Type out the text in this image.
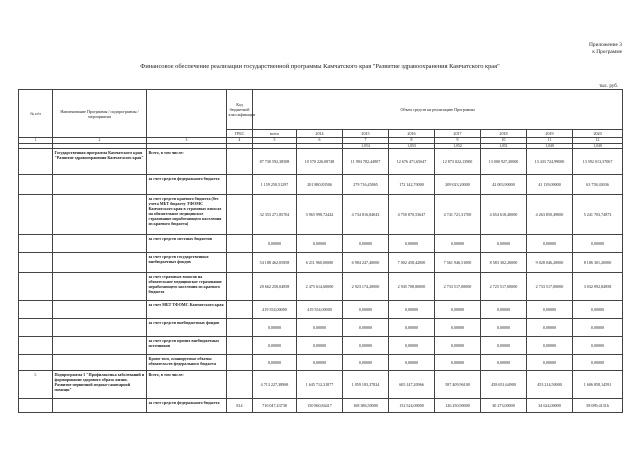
Приложение 3
к Программе
Финансовое обеспечение реализации государственной программы Камчатского края "Развитие здравоохранения Камчатского края"
тыс. руб.
№ п/п	Наименование Программы / подпрограммы / мероприятия		Код бюджетной классификации	Объем средств на реализацию Программы							
			ГРБС	всего	2014	2015	2016	2017	2018	2019	2020
1	2	3	4	5	6	7	8	9	10	11	12
						1,054	1,053	1,052	1,051	1,040	1,040
	Государственная программа Камчатского края "Развитие здравоохранения Камчатского края"	Всего, в том числе:		87 730 592,38508	10 570 226,08748	11 994 782,44907	12 676 471,65647	12 873 022,13900	13 000 927,20000	13 433 724,99000	13 592 013,37067
		за счет средств федерального бюджета		1 159 250,51297	201 880,83506	279 716,45865	172 142,70000	209 023,20000	42 003,90000	41 139,00000	63 758,43036
		за счет средств краевого бюджета (без учета МБТ бюджету ТФОМС Камчатского края в страховых взносах на обязательное медицинское страхование неработающего населения из краевого бюджета)		32 353 271,85704	3 965 998,72442	4 734 816,84043	4 750 870,53647	4 741 721,31700	4 654 618,40000	4 263 850,49000	5 241 703,74873
		за счет средств местных бюджетов		0,00000	0,00000	0,00000	0,00000	0,00000	0,00000	0,00000	0,00000
		за счет средств государственных внебюджетных фондов		54 188 462,05858	6 211 960,00000	6 984 247,40000	7 002 458,42000	7 561 946,51000	8 583 302,20000	9 028 046,20000	8 186 301,20000
		за счет страховых взносов на обязательное медицинское страхование неработающего населения из краевого бюджета		20 662 250,04858	2 475 614,60000	2 923 174,20000	2 945 708,80000	2 733 517,00000	2 725 517,00000	2 733 517,00000	3 032 092,84858
		за счет МБТ ТФОМС Камчатского края		419 554,00000	419 554,00000	0,00000	0,00000	0,00000	0,00000	0,00000	0,00000
		за счет средств внебюджетных фондов		0,00000	0,00000	0,00000	0,00000	0,00000	0,00000	0,00000	0,00000
		за счет средств прочих внебюджетных источников		0,00000	0,00000	0,00000	0,00000	0,00000	0,00000	0,00000	0,00000
		Кроме того, планируемые объемы обязательств федерального бюджета		0,00000	0,00000	0,00000	0,00000	0,00000	0,00000	0,00000	0,00000
1.	Подпрограмма 1 "Профилактика заболеваний и формирование здорового образа жизни. Развитие первичной медико-санитарной помощи"	Всего, в том числе:		4 713 227,38968	1 645 712,31877	1 059 183,37824	605 147,20966	587 409,96100	458 651,64900	453 214,50000	1 606 858,14591
		за счет средств федерального бюджета	814	710 047,43738	150 860,84417	168 386,50000	152 524,00000	126 250,90000	30 273,00000	34 624,00000	58 089,41316
